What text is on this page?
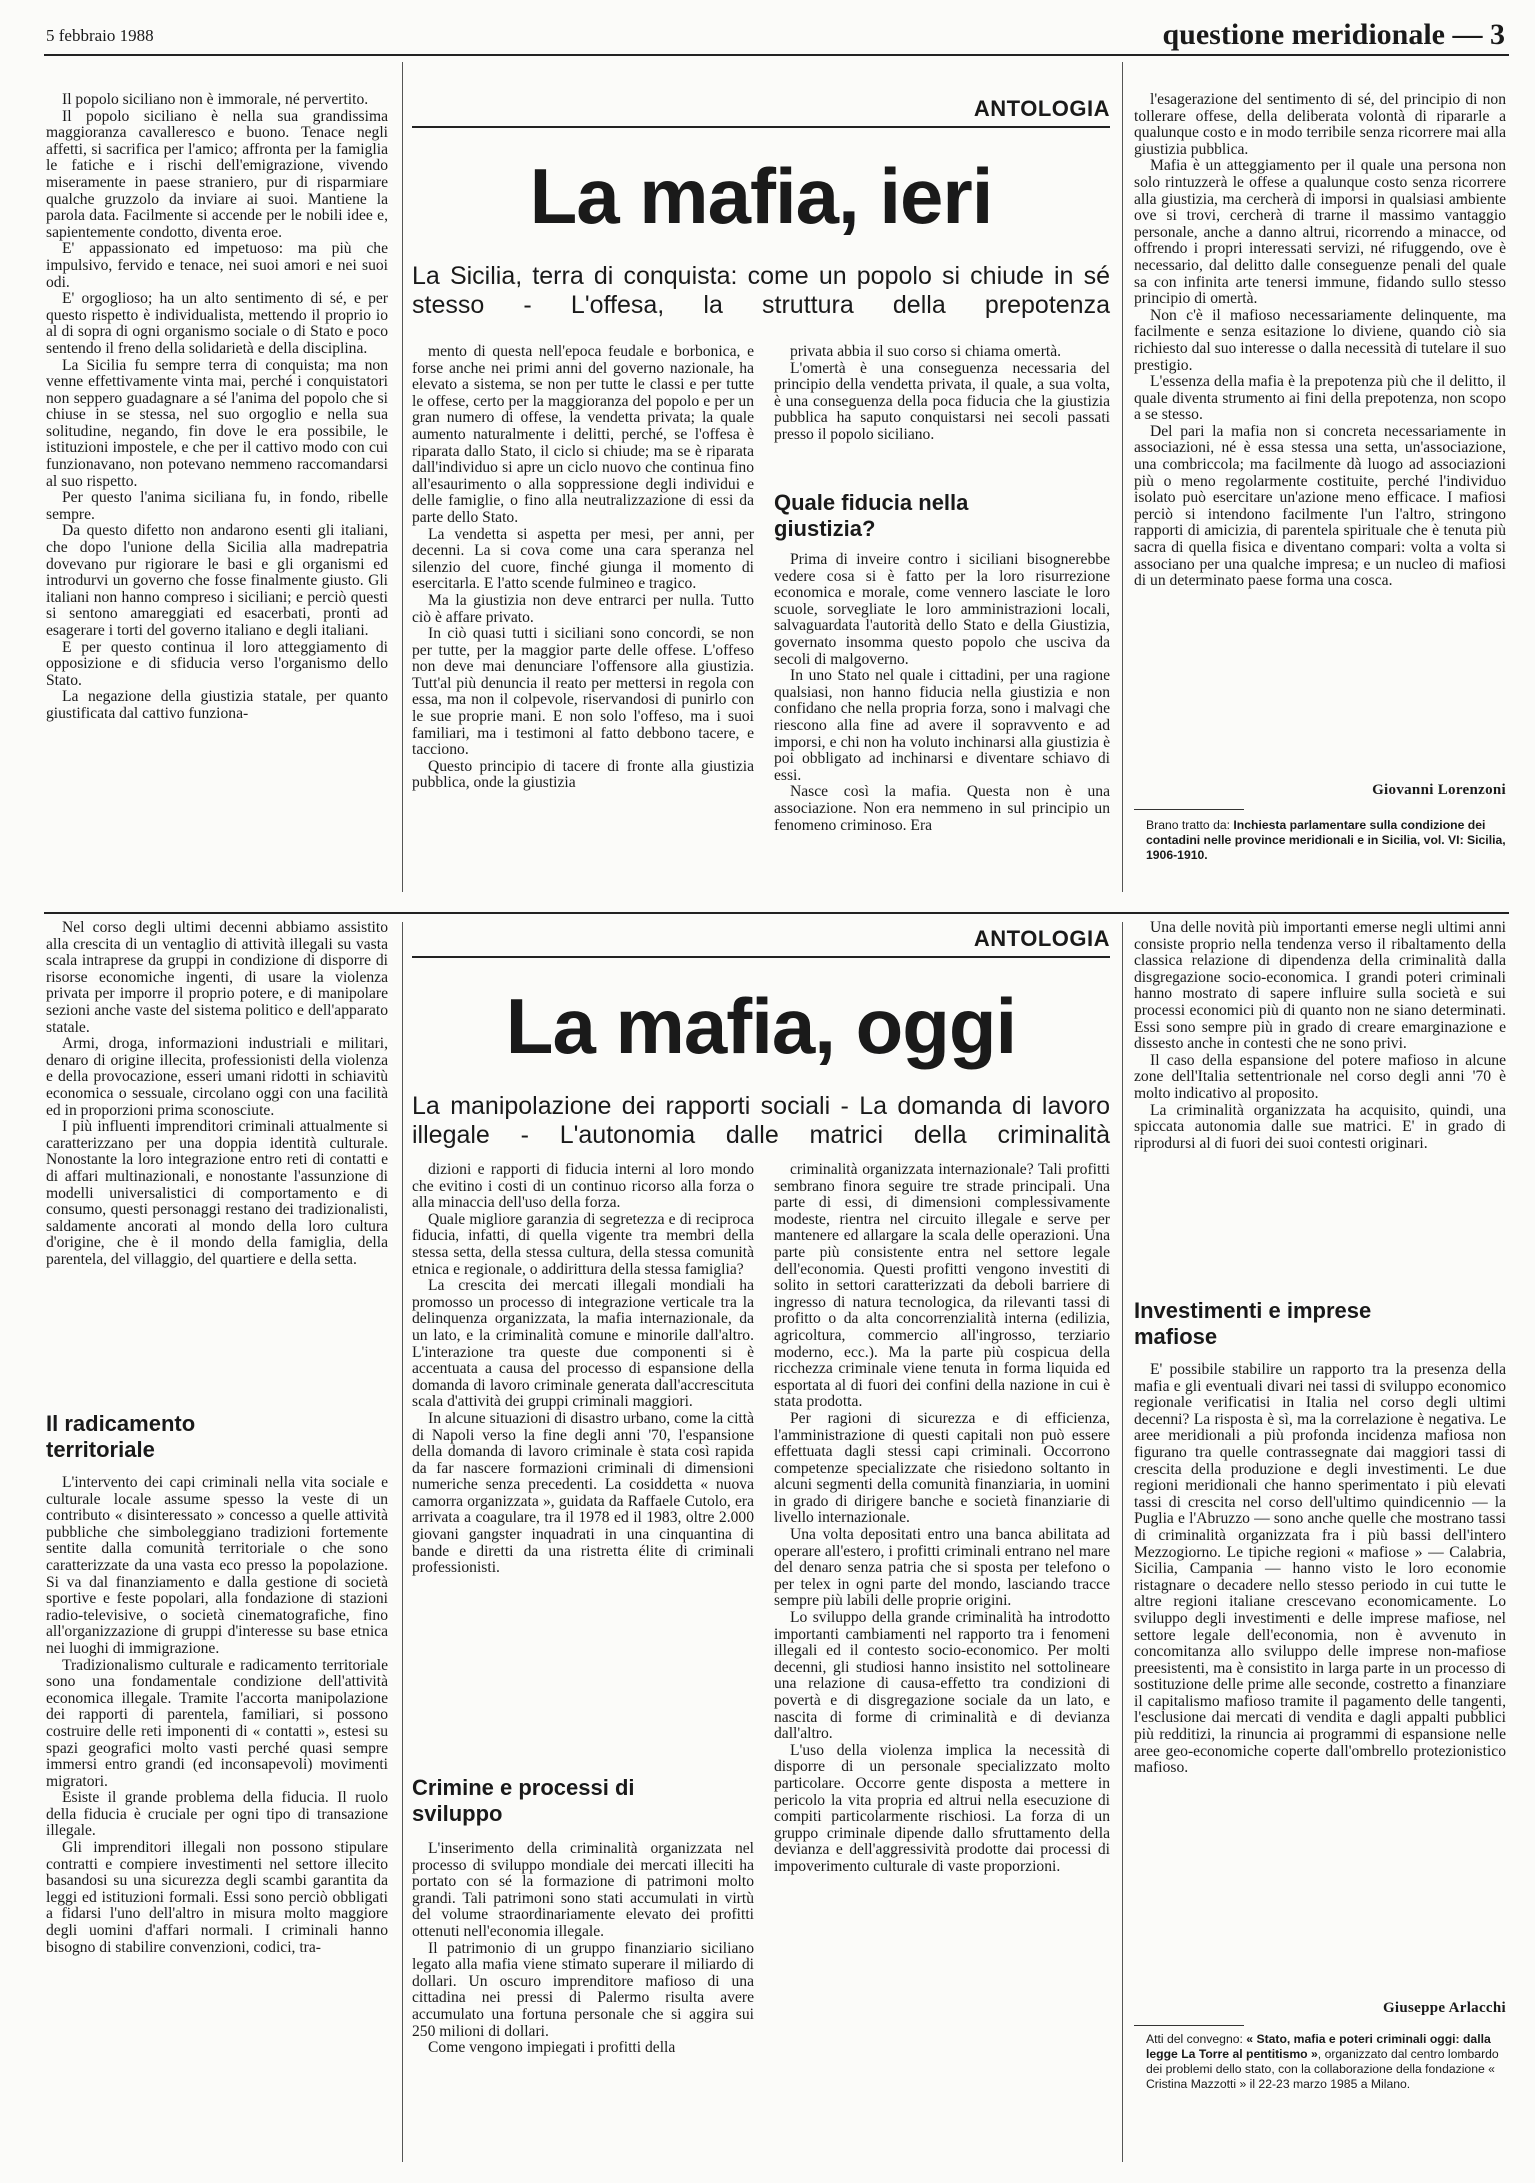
5 febbraio 1988	questione meridionale — 3

Il popolo siciliano non è immorale, né pervertito.

Il popolo siciliano è nella sua grandissima maggioranza cavalleresco e buono. Tenace negli affetti, si sacrifica per l'amico; affronta per la famiglia le fatiche e i rischi dell'emigrazione, vivendo miseramente in paese straniero, pur di risparmiare qualche gruzzolo da inviare ai suoi. Mantiene la parola data. Facilmente si accende per le nobili idee e, sapientemente condotto, diventa eroe.

E' appassionato ed impetuoso: ma più che impulsivo, fervido e tenace, nei suoi amori e nei suoi odi.

E' orgoglioso; ha un alto sentimento di sé, e per questo rispetto è individualista, mettendo il proprio io al di sopra di ogni organismo sociale o di Stato e poco sentendo il freno della solidarietà e della disciplina.

La Sicilia fu sempre terra di conquista; ma non venne effettivamente vinta mai, perché i conquistatori non seppero guadagnare a sé l'anima del popolo che si chiuse in se stessa, nel suo orgoglio e nella sua solitudine, negando, fin dove le era possibile, le istituzioni impostele, e che per il cattivo modo con cui funzionavano, non potevano nemmeno raccomandarsi al suo rispetto.

Per questo l'anima siciliana fu, in fondo, ribelle sempre.

Da questo difetto non andarono esenti gli italiani, che dopo l'unione della Sicilia alla madrepatria dovevano pur rigiorare le basi e gli organismi ed introdurvi un governo che fosse finalmente giusto. Gli italiani non hanno compreso i siciliani; e perciò questi si sentono amareggiati ed esacerbati, pronti ad esagerare i torti del governo italiano e degli italiani.

E per questo continua il loro atteggiamento di opposizione e di sfiducia verso l'organismo dello Stato.

La negazione della giustizia statale, per quanto giustificata dal cattivo funziona-

ANTOLOGIA
La mafia, ieri
La Sicilia, terra di conquista: come un popolo si chiude in sé stesso - L'offesa, la struttura della prepotenza

mento di questa nell'epoca feudale e borbonica, e forse anche nei primi anni del governo nazionale, ha elevato a sistema, se non per tutte le classi e per tutte le offese, certo per la maggioranza del popolo e per un gran numero di offese, la vendetta privata; la quale aumento naturalmente i delitti, perché, se l'offesa è riparata dallo Stato, il ciclo si chiude; ma se è riparata dall'individuo si apre un ciclo nuovo che continua fino all'esaurimento o alla soppressione degli individui e delle famiglie, o fino alla neutralizzazione di essi da parte dello Stato.

La vendetta si aspetta per mesi, per anni, per decenni. La si cova come una cara speranza nel silenzio del cuore, finché giunga il momento di esercitarla. E l'atto scende fulmineo e tragico.

Ma la giustizia non deve entrarci per nulla. Tutto ciò è affare privato.

In ciò quasi tutti i siciliani sono concordi, se non per tutte, per la maggior parte delle offese. L'offeso non deve mai denunciare l'offensore alla giustizia. Tutt'al più denuncia il reato per mettersi in regola con essa, ma non il colpevole, riservandosi di punirlo con le sue proprie mani. E non solo l'offeso, ma i suoi familiari, ma i testimoni al fatto debbono tacere, e tacciono.

Questo principio di tacere di fronte alla giustizia pubblica, onde la giustizia

privata abbia il suo corso si chiama omertà.

L'omertà è una conseguenza necessaria del principio della vendetta privata, il quale, a sua volta, è una conseguenza della poca fiducia che la giustizia pubblica ha saputo conquistarsi nei secoli passati presso il popolo siciliano.

Quale fiducia nella giustizia?

Prima di inveire contro i siciliani bisognerebbe vedere cosa si è fatto per la loro risurrezione economica e morale, come vennero lasciate le loro scuole, sorvegliate le loro amministrazioni locali, salvaguardata l'autorità dello Stato e della Giustizia, governato insomma questo popolo che usciva da secoli di malgoverno.

In uno Stato nel quale i cittadini, per una ragione qualsiasi, non hanno fiducia nella giustizia e non confidano che nella propria forza, sono i malvagi che riescono alla fine ad avere il sopravvento e ad imporsi, e chi non ha voluto inchinarsi alla giustizia è poi obbligato ad inchinarsi e diventare schiavo di essi.

Nasce così la mafia. Questa non è una associazione. Non era nemmeno in sul principio un fenomeno criminoso. Era

l'esagerazione del sentimento di sé, del principio di non tollerare offese, della deliberata volontà di ripararle a qualunque costo e in modo terribile senza ricorrere mai alla giustizia pubblica.

Mafia è un atteggiamento per il quale una persona non solo rintuzzerà le offese a qualunque costo senza ricorrere alla giustizia, ma cercherà di imporsi in qualsiasi ambiente ove si trovi, cercherà di trarne il massimo vantaggio personale, anche a danno altrui, ricorrendo a minacce, od offrendo i propri interessati servizi, né rifuggendo, ove è necessario, dal delitto dalle conseguenze penali del quale sa con infinita arte tenersi immune, fidando sullo stesso principio di omertà.

Non c'è il mafioso necessariamente delinquente, ma facilmente e senza esitazione lo diviene, quando ciò sia richiesto dal suo interesse o dalla necessità di tutelare il suo prestigio.

L'essenza della mafia è la prepotenza più che il delitto, il quale diventa strumento ai fini della prepotenza, non scopo a se stesso.

Del pari la mafia non si concreta necessariamente in associazioni, né è essa stessa una setta, un'associazione, una combriccola; ma facilmente dà luogo ad associazioni più o meno regolarmente costituite, perché l'individuo isolato può esercitare un'azione meno efficace. I mafiosi perciò si intendono facilmente l'un l'altro, stringono rapporti di amicizia, di parentela spirituale che è tenuta più sacra di quella fisica e diventano compari: volta a volta si associano per una qualche impresa; e un nucleo di mafiosi di un determinato paese forma una cosca.

Giovanni Lorenzoni
Brano tratto da: Inchiesta parlamentare sulla condizione dei contadini nelle province meridionali e in Sicilia, vol. VI: Sicilia, 1906-1910.

Nel corso degli ultimi decenni abbiamo assistito alla crescita di un ventaglio di attività illegali su vasta scala intraprese da gruppi in condizione di disporre di risorse economiche ingenti, di usare la violenza privata per imporre il proprio potere, e di manipolare sezioni anche vaste del sistema politico e dell'apparato statale.

Armi, droga, informazioni industriali e militari, denaro di origine illecita, professionisti della violenza e della provocazione, esseri umani ridotti in schiavitù economica o sessuale, circolano oggi con una facilità ed in proporzioni prima sconosciute.

I più influenti imprenditori criminali attualmente si caratterizzano per una doppia identità culturale. Nonostante la loro integrazione entro reti di contatti e di affari multinazionali, e nonostante l'assunzione di modelli universalistici di comportamento e di consumo, questi personaggi restano dei tradizionalisti, saldamente ancorati al mondo della loro cultura d'origine, che è il mondo della famiglia, della parentela, del villaggio, del quartiere e della setta.

Il radicamento territoriale

L'intervento dei capi criminali nella vita sociale e culturale locale assume spesso la veste di un contributo « disinteressato » concesso a quelle attività pubbliche che simboleggiano tradizioni fortemente sentite dalla comunità territoriale o che sono caratterizzate da una vasta eco presso la popolazione. Si va dal finanziamento e dalla gestione di società sportive e feste popolari, alla fondazione di stazioni radio-televisive, o società cinematografiche, fino all'organizzazione di gruppi d'interesse su base etnica nei luoghi di immigrazione.

Tradizionalismo culturale e radicamento territoriale sono una fondamentale condizione dell'attività economica illegale. Tramite l'accorta manipolazione dei rapporti di parentela, familiari, si possono costruire delle reti imponenti di « contatti », estesi su spazi geografici molto vasti perché quasi sempre immersi entro grandi (ed inconsapevoli) movimenti migratori.

Esiste il grande problema della fiducia. Il ruolo della fiducia è cruciale per ogni tipo di transazione illegale.

Gli imprenditori illegali non possono stipulare contratti e compiere investimenti nel settore illecito basandosi su una sicurezza degli scambi garantita da leggi ed istituzioni formali. Essi sono perciò obbligati a fidarsi l'uno dell'altro in misura molto maggiore degli uomini d'affari normali. I criminali hanno bisogno di stabilire convenzioni, codici, tra-

ANTOLOGIA
La mafia, oggi
La manipolazione dei rapporti sociali - La domanda di lavoro illegale - L'autonomia dalle matrici della criminalità

dizioni e rapporti di fiducia interni al loro mondo che evitino i costi di un continuo ricorso alla forza o alla minaccia dell'uso della forza.

Quale migliore garanzia di segretezza e di reciproca fiducia, infatti, di quella vigente tra membri della stessa setta, della stessa cultura, della stessa comunità etnica e regionale, o addirittura della stessa famiglia?

La crescita dei mercati illegali mondiali ha promosso un processo di integrazione verticale tra la delinquenza organizzata, la mafia internazionale, da un lato, e la criminalità comune e minorile dall'altro. L'interazione tra queste due componenti si è accentuata a causa del processo di espansione della domanda di lavoro criminale generata dall'accrescituta scala d'attività dei gruppi criminali maggiori.

In alcune situazioni di disastro urbano, come la città di Napoli verso la fine degli anni '70, l'espansione della domanda di lavoro criminale è stata così rapida da far nascere formazioni criminali di dimensioni numeriche senza precedenti. La cosiddetta « nuova camorra organizzata », guidata da Raffaele Cutolo, era arrivata a coagulare, tra il 1978 ed il 1983, oltre 2.000 giovani gangster inquadrati in una cinquantina di bande e diretti da una ristretta élite di criminali professionisti.

Crimine e processi di sviluppo

L'inserimento della criminalità organizzata nel processo di sviluppo mondiale dei mercati illeciti ha portato con sé la formazione di patrimoni molto grandi. Tali patrimoni sono stati accumulati in virtù del volume straordinariamente elevato dei profitti ottenuti nell'economia illegale.

Il patrimonio di un gruppo finanziario siciliano legato alla mafia viene stimato superare il miliardo di dollari. Un oscuro imprenditore mafioso di una cittadina nei pressi di Palermo risulta avere accumulato una fortuna personale che si aggira sui 250 milioni di dollari.

Come vengono impiegati i profitti della

criminalità organizzata internazionale? Tali profitti sembrano finora seguire tre strade principali. Una parte di essi, di dimensioni complessivamente modeste, rientra nel circuito illegale e serve per mantenere ed allargare la scala delle operazioni. Una parte più consistente entra nel settore legale dell'economia. Questi profitti vengono investiti di solito in settori caratterizzati da deboli barriere di ingresso di natura tecnologica, da rilevanti tassi di profitto o da alta concorrenzialità interna (edilizia, agricoltura, commercio all'ingrosso, terziario moderno, ecc.). Ma la parte più cospicua della ricchezza criminale viene tenuta in forma liquida ed esportata al di fuori dei confini della nazione in cui è stata prodotta.

Per ragioni di sicurezza e di efficienza, l'amministrazione di questi capitali non può essere effettuata dagli stessi capi criminali. Occorrono competenze specializzate che risiedono soltanto in alcuni segmenti della comunità finanziaria, in uomini in grado di dirigere banche e società finanziarie di livello internazionale.

Una volta depositati entro una banca abilitata ad operare all'estero, i profitti criminali entrano nel mare del denaro senza patria che si sposta per telefono o per telex in ogni parte del mondo, lasciando tracce sempre più labili delle proprie origini.

Lo sviluppo della grande criminalità ha introdotto importanti cambiamenti nel rapporto tra i fenomeni illegali ed il contesto socio-economico. Per molti decenni, gli studiosi hanno insistito nel sottolineare una relazione di causa-effetto tra condizioni di povertà e di disgregazione sociale da un lato, e nascita di forme di criminalità e di devianza dall'altro.

L'uso della violenza implica la necessità di disporre di un personale specializzato molto particolare. Occorre gente disposta a mettere in pericolo la vita propria ed altrui nella esecuzione di compiti particolarmente rischiosi. La forza di un gruppo criminale dipende dallo sfruttamento della devianza e dell'aggressività prodotte dai processi di impoverimento culturale di vaste proporzioni.

Una delle novità più importanti emerse negli ultimi anni consiste proprio nella tendenza verso il ribaltamento della classica relazione di dipendenza della criminalità dalla disgregazione socio-economica. I grandi poteri criminali hanno mostrato di sapere influire sulla società e sui processi economici più di quanto non ne siano determinati. Essi sono sempre più in grado di creare emarginazione e dissesto anche in contesti che ne sono privi.

Il caso della espansione del potere mafioso in alcune zone dell'Italia settentrionale nel corso degli anni '70 è molto indicativo al proposito.

La criminalità organizzata ha acquisito, quindi, una spiccata autonomia dalle sue matrici. E' in grado di riprodursi al di fuori dei suoi contesti originari.

Investimenti e imprese mafiose

E' possibile stabilire un rapporto tra la presenza della mafia e gli eventuali divari nei tassi di sviluppo economico regionale verificatisi in Italia nel corso degli ultimi decenni? La risposta è sì, ma la correlazione è negativa. Le aree meridionali a più profonda incidenza mafiosa non figurano tra quelle contrassegnate dai maggiori tassi di crescita della produzione e degli investimenti. Le due regioni meridionali che hanno sperimentato i più elevati tassi di crescita nel corso dell'ultimo quindicennio — la Puglia e l'Abruzzo — sono anche quelle che mostrano tassi di criminalità organizzata fra i più bassi dell'intero Mezzogiorno. Le tipiche regioni « mafiose » — Calabria, Sicilia, Campania — hanno visto le loro economie ristagnare o decadere nello stesso periodo in cui tutte le altre regioni italiane crescevano economicamente. Lo sviluppo degli investimenti e delle imprese mafiose, nel settore legale dell'economia, non è avvenuto in concomitanza allo sviluppo delle imprese non-mafiose preesistenti, ma è consistito in larga parte in un processo di sostituzione delle prime alle seconde, costretto a finanziare il capitalismo mafioso tramite il pagamento delle tangenti, l'esclusione dai mercati di vendita e dagli appalti pubblici più redditizi, la rinuncia ai programmi di espansione nelle aree geo-economiche coperte dall'ombrello protezionistico mafioso.

Giuseppe Arlacchi
Atti del convegno: « Stato, mafia e poteri criminali oggi: dalla legge La Torre al pentitismo », organizzato dal centro lombardo dei problemi dello stato, con la collaborazione della fondazione « Cristina Mazzotti » il 22-23 marzo 1985 a Milano.
